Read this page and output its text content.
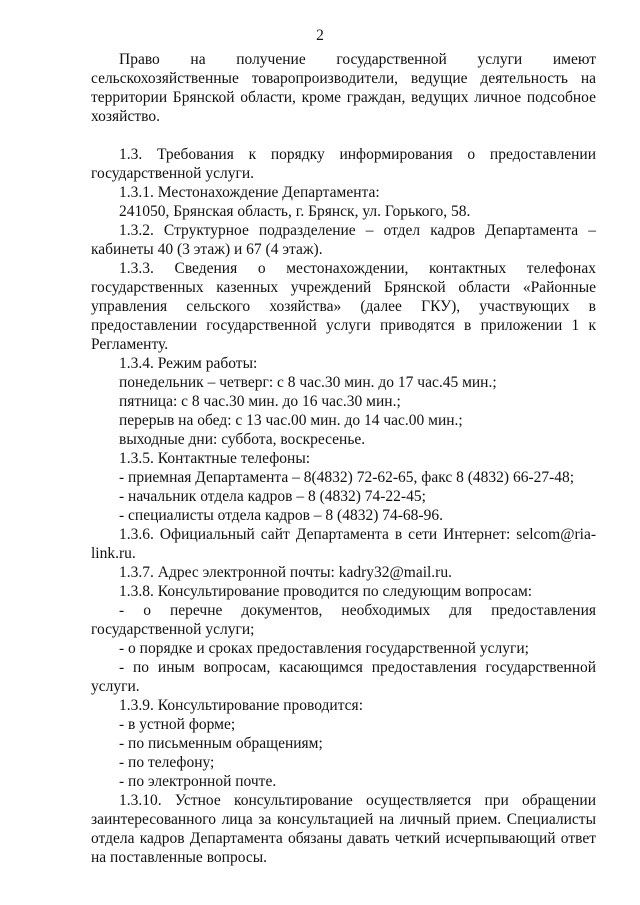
2

Право на получение государственной услуги имеют сельскохозяйственные товаропроизводители, ведущие деятельность на территории Брянской области, кроме граждан, ведущих личное подсобное хозяйство.

1.3. Требования к порядку информирования о предоставлении государственной услуги.

1.3.1. Местонахождение Департамента:

241050, Брянская область, г. Брянск, ул. Горького, 58.

1.3.2. Структурное подразделение – отдел кадров Департамента – кабинеты 40 (3 этаж) и 67 (4 этаж).

1.3.3. Сведения о местонахождении, контактных телефонах государственных казенных учреждений Брянской области «Районные управления сельского хозяйства» (далее ГКУ), участвующих в предоставлении государственной услуги приводятся в приложении 1 к Регламенту.

1.3.4. Режим работы:

понедельник – четверг: с 8 час.30 мин. до 17 час.45 мин.;

пятница: с 8 час.30 мин. до 16 час.30 мин.;

перерыв на обед: с 13 час.00 мин. до 14 час.00 мин.;

выходные дни: суббота, воскресенье.

1.3.5. Контактные телефоны:

- приемная Департамента – 8(4832) 72-62-65, факс 8 (4832) 66-27-48;

- начальник отдела кадров – 8 (4832) 74-22-45;

- специалисты отдела кадров – 8 (4832) 74-68-96.

1.3.6. Официальный сайт Департамента в сети Интернет: selcom@ria-link.ru.

1.3.7. Адрес электронной почты: kadry32@mail.ru.

1.3.8. Консультирование проводится по следующим вопросам:

- о перечне документов, необходимых для предоставления государственной услуги;

- о порядке и сроках предоставления государственной услуги;

- по иным вопросам, касающимся предоставления государственной услуги.

1.3.9. Консультирование проводится:

- в устной форме;

- по письменным обращениям;

- по телефону;

- по электронной почте.

1.3.10. Устное консультирование осуществляется при обращении заинтересованного лица за консультацией на личный прием. Специалисты отдела кадров Департамента обязаны давать четкий исчерпывающий ответ на поставленные вопросы.
